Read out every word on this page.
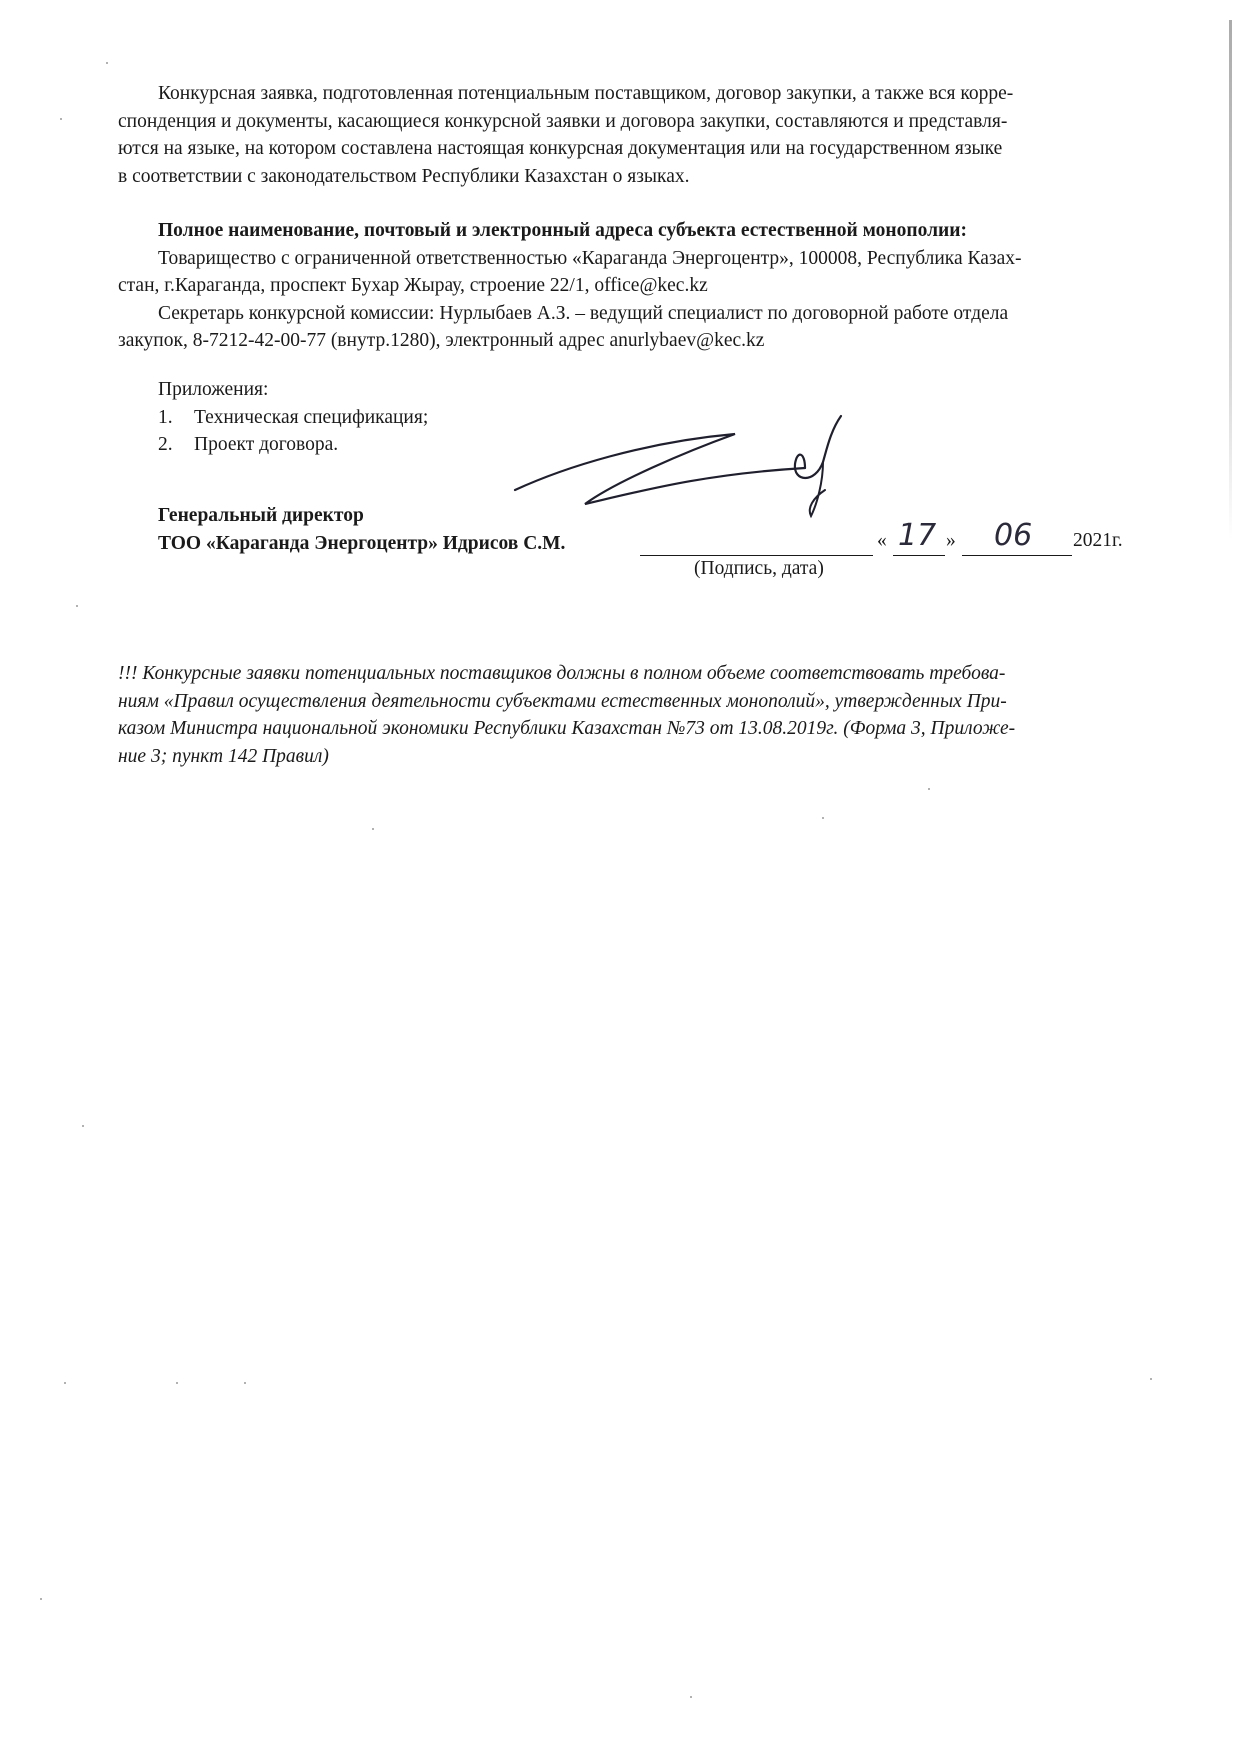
Конкурсная заявка, подготовленная потенциальным поставщиком, договор закупки, а также вся корре-
спонденция и документы, касающиеся конкурсной заявки и договора закупки, составляются и представля-
ются на языке, на котором составлена настоящая конкурсная документация или на государственном языке
в соответствии с законодательством Республики Казахстан о языках.
Полное наименование, почтовый и электронный адреса субъекта естественной монополии:
Товарищество с ограниченной ответственностью «Караганда Энергоцентр», 100008, Республика Казах-
стан, г.Караганда, проспект Бухар Жырау, строение 22/1, office@kec.kz
Секретарь конкурсной комиссии: Нурлыбаев А.З. – ведущий специалист по договорной работе отдела
закупок, 8-7212-42-00-77 (внутр.1280), электронный адрес anurlybaev@kec.kz
Приложения:
1.	Техническая спецификация;
2.	Проект договора.
Генеральный директор
ТОО «Караганда Энергоцентр» Идрисов С.М.	« 17 » 06 2021г.
(Подпись, дата)
!!! Конкурсные заявки потенциальных поставщиков должны в полном объеме соответствовать требова-
ниям «Правил осуществления деятельности субъектами естественных монополий», утвержденных При-
казом Министра национальной экономики Республики Казахстан №73 от 13.08.2019г. (Форма 3, Приложе-
ние 3; пункт 142 Правил)
